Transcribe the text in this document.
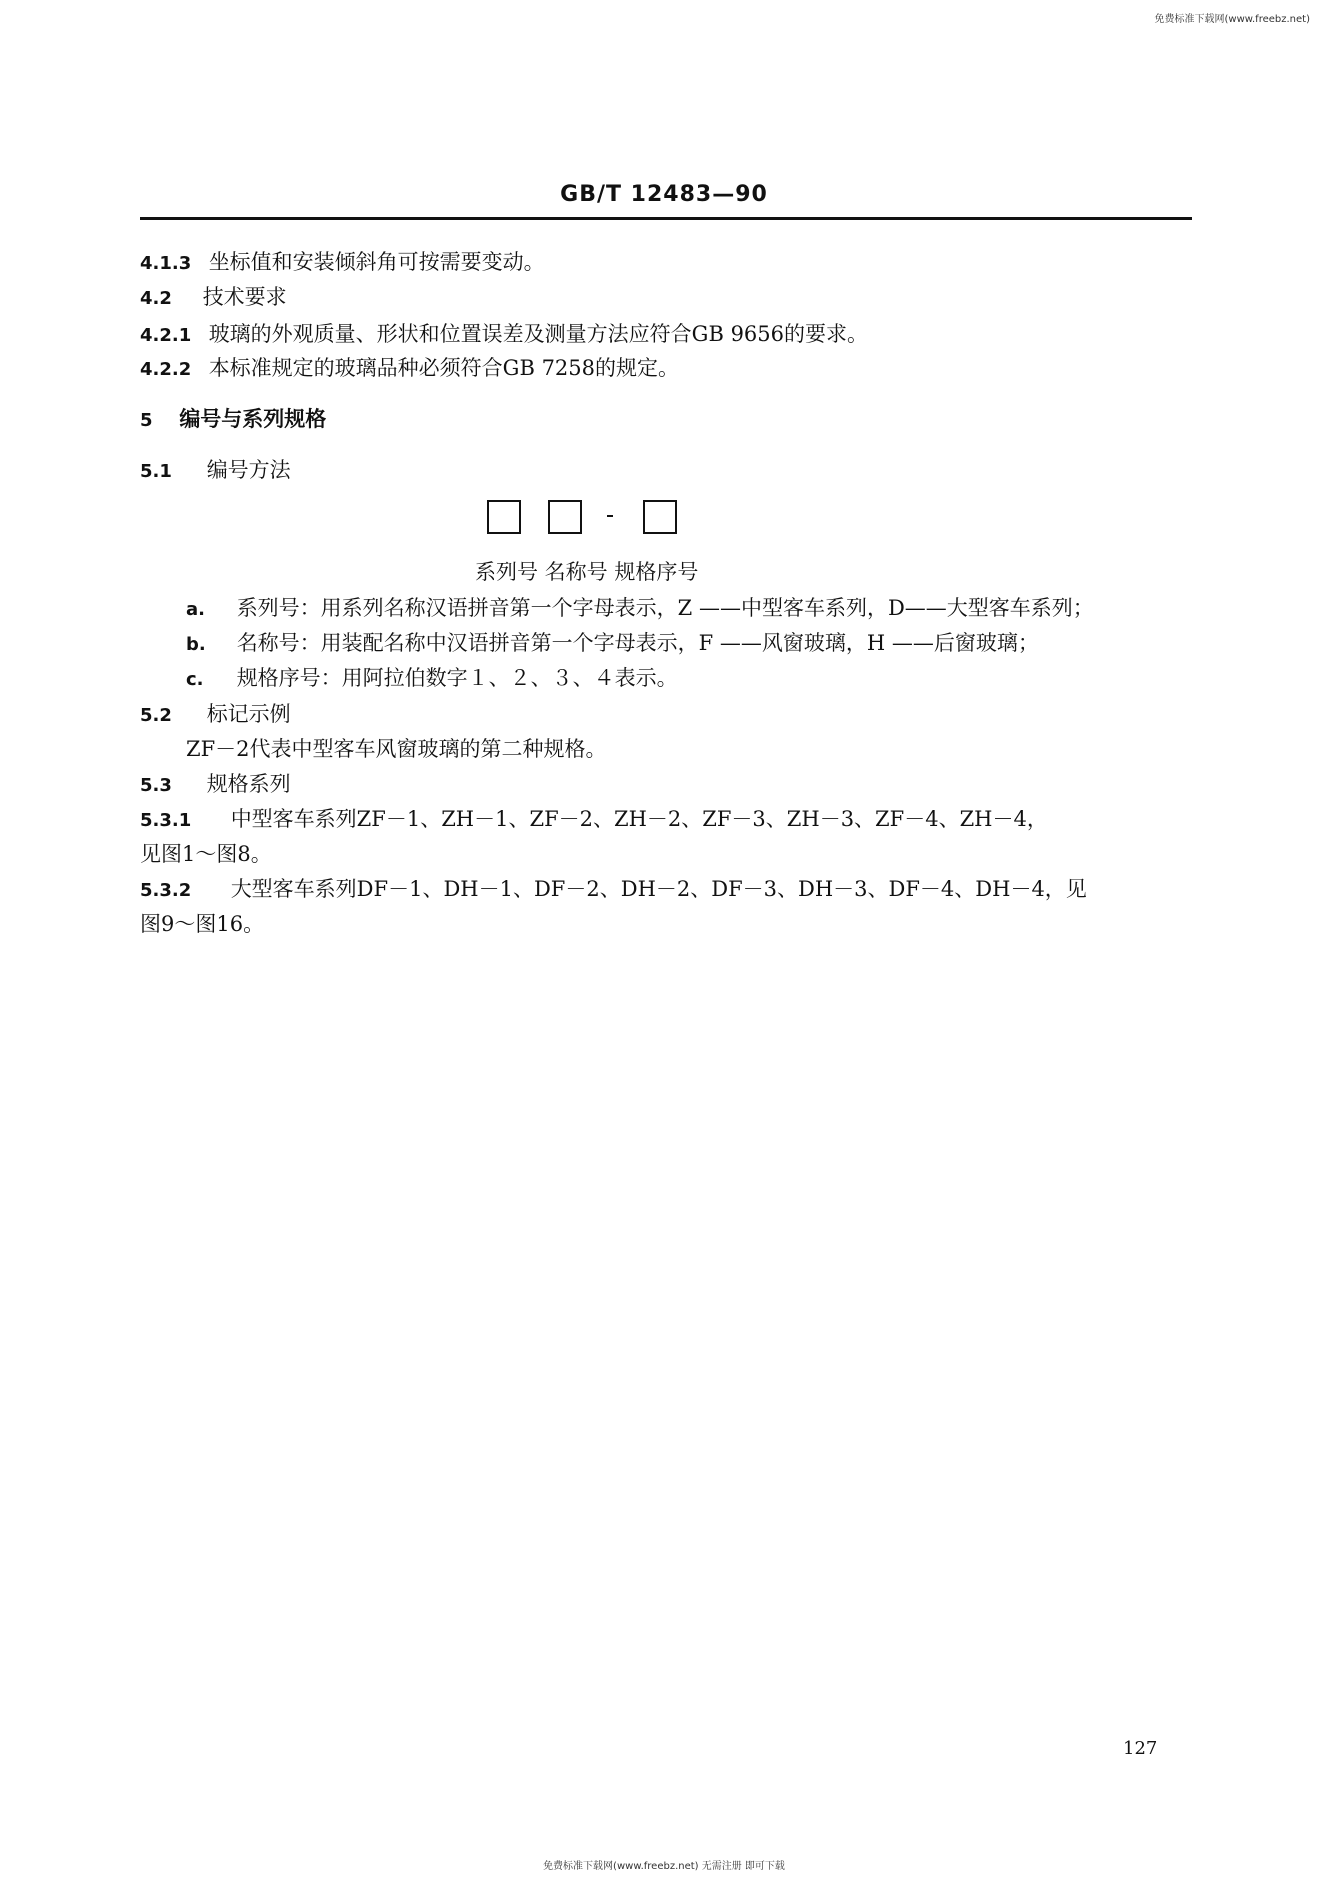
免费标准下载网(www.freebz.net)
GB/T 12483—90
4.1.3 坐标值和安装倾斜角可按需要变动。
4.2 技术要求
4.2.1 玻璃的外观质量、形状和位置误差及测量方法应符合GB 9656的要求。
4.2.2 本标准规定的玻璃品种必须符合GB 7258的规定。
5 编号与系列规格
5.1 编号方法
系列号 名称号 规格序号
a. 系列号：用系列名称汉语拼音第一个字母表示，Z ——中型客车系列，D——大型客车系列；
b. 名称号：用装配名称中汉语拼音第一个字母表示，F ——风窗玻璃，H ——后窗玻璃；
c. 规格序号：用阿拉伯数字１、２、３、４表示。
5.2 标记示例
ZF－2代表中型客车风窗玻璃的第二种规格。
5.3 规格系列
5.3.1 中型客车系列ZF－1、ZH－1、ZF－2、ZH－2、ZF－3、ZH－3、ZF－4、ZH－4，
见图1～图8。
5.3.2 大型客车系列DF－1、DH－1、DF－2、DH－2、DF－3、DH－3、DF－4、DH－4，见
图9～图16。
127
免费标准下载网(www.freebz.net) 无需注册 即可下载
